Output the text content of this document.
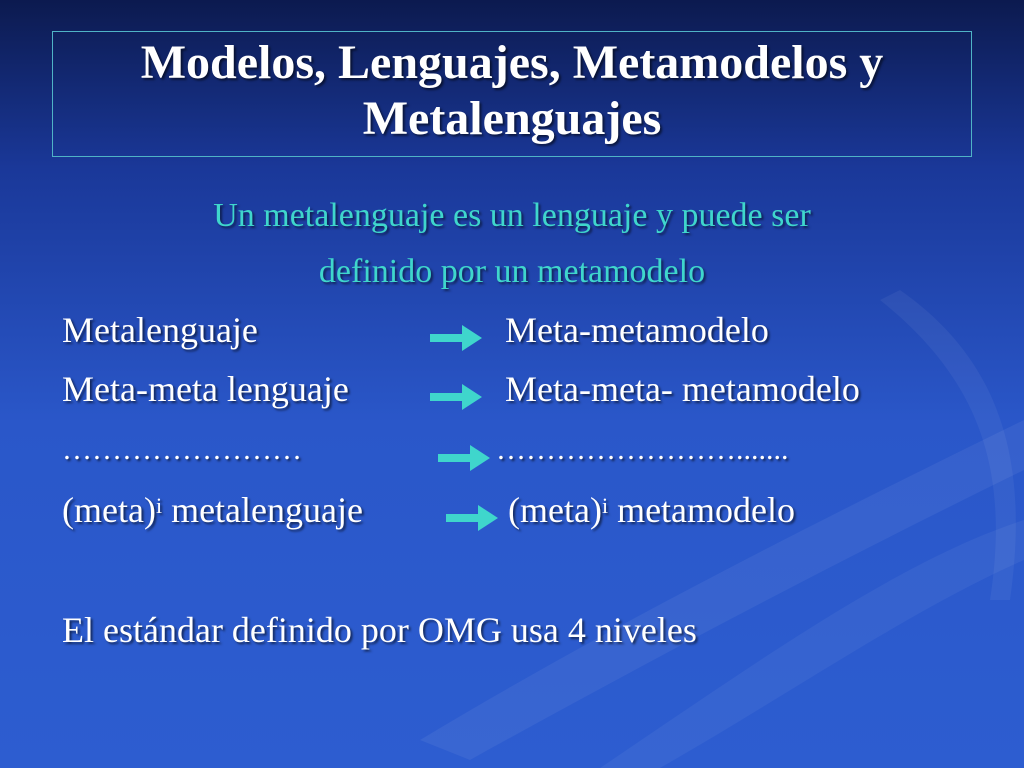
Modelos, Lenguajes, Metamodelos y
Metalenguajes
Un metalenguaje es un lenguaje y puede ser
definido por un metamodelo
Metalenguaje	Meta-metamodelo
Meta-meta lenguaje	Meta-meta- metamodelo
……………………	…………………….......
(meta)$^i$ metalenguaje	(meta)$^i$ metamodelo
El estándar definido por OMG usa 4 niveles
